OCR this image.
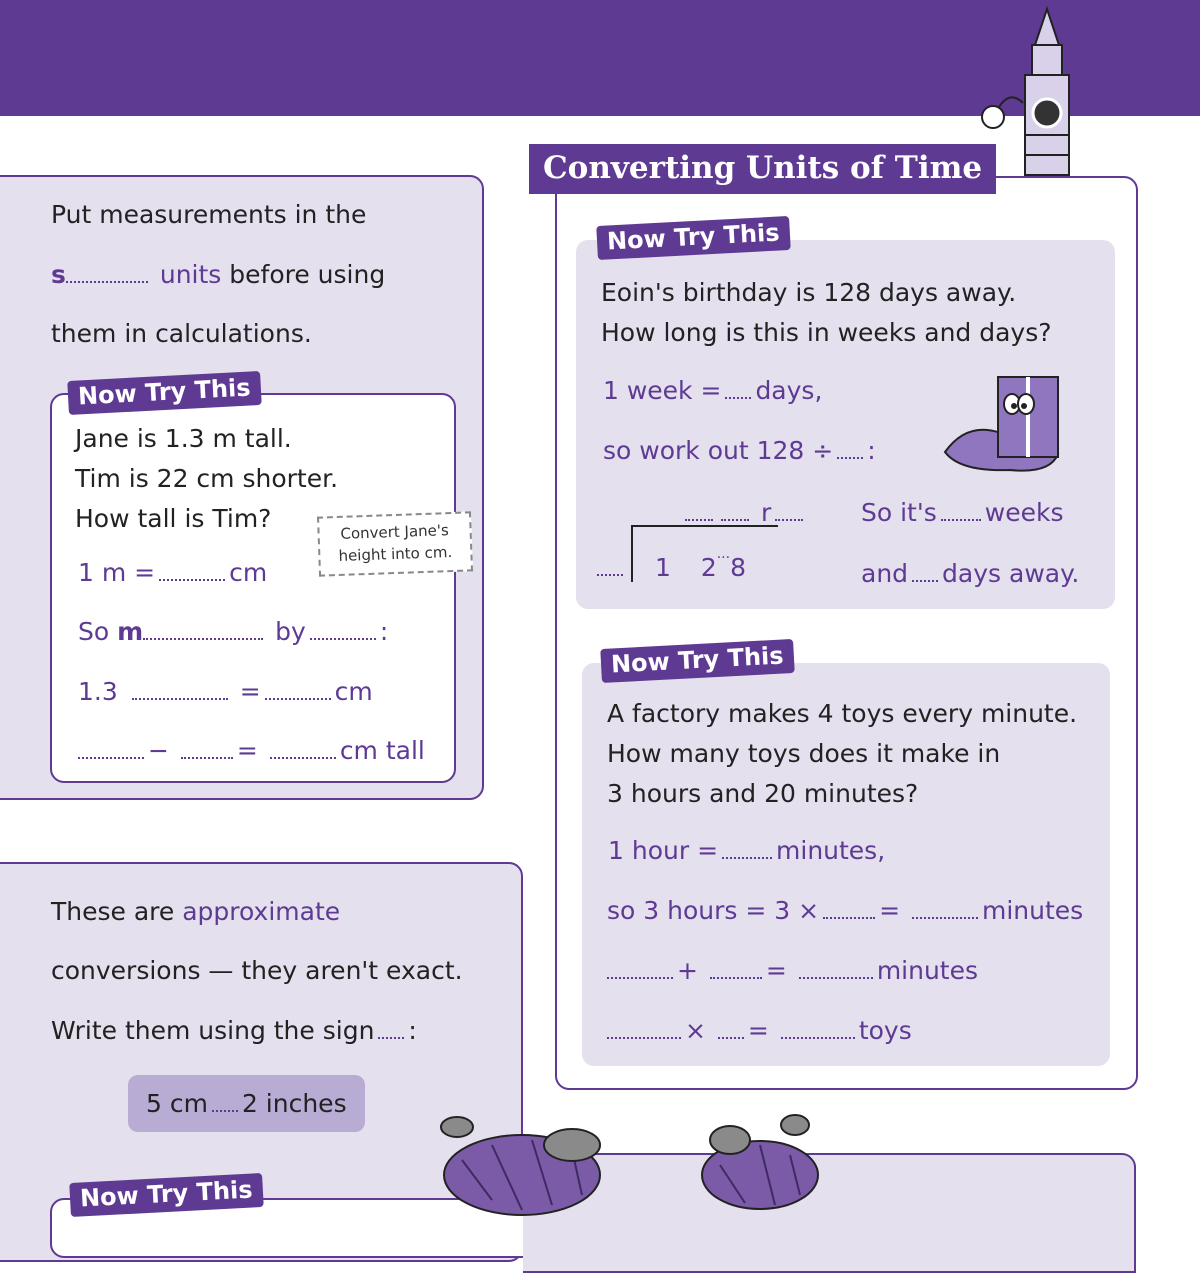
Put measurements in the
s	units before using
them in calculations.
Now Try This
Jane is 1.3 m tall.
Tim is 22 cm shorter.
How tall is Tim?	Convert Jane's
height into cm.
1 m =	cm
So m	by	:
1.3	=	cm
−	=	cm tall
These are approximate
conversions — they aren't exact.
Write them using the sign :
5 cm 2 inches
Now Try This
Converting Units of Time
Now Try This
Eoin's birthday is 128 days away.
How long is this in weeks and days?
1 week = days,
so work out 128 ÷ :
r
1 2···8
So it's weeks
and days away.
Now Try This
A factory makes 4 toys every minute.
How many toys does it make in
3 hours and 20 minutes?
1 hour = minutes,
so 3 hours = 3 × =	minutes
+	=	minutes
× =	toys
